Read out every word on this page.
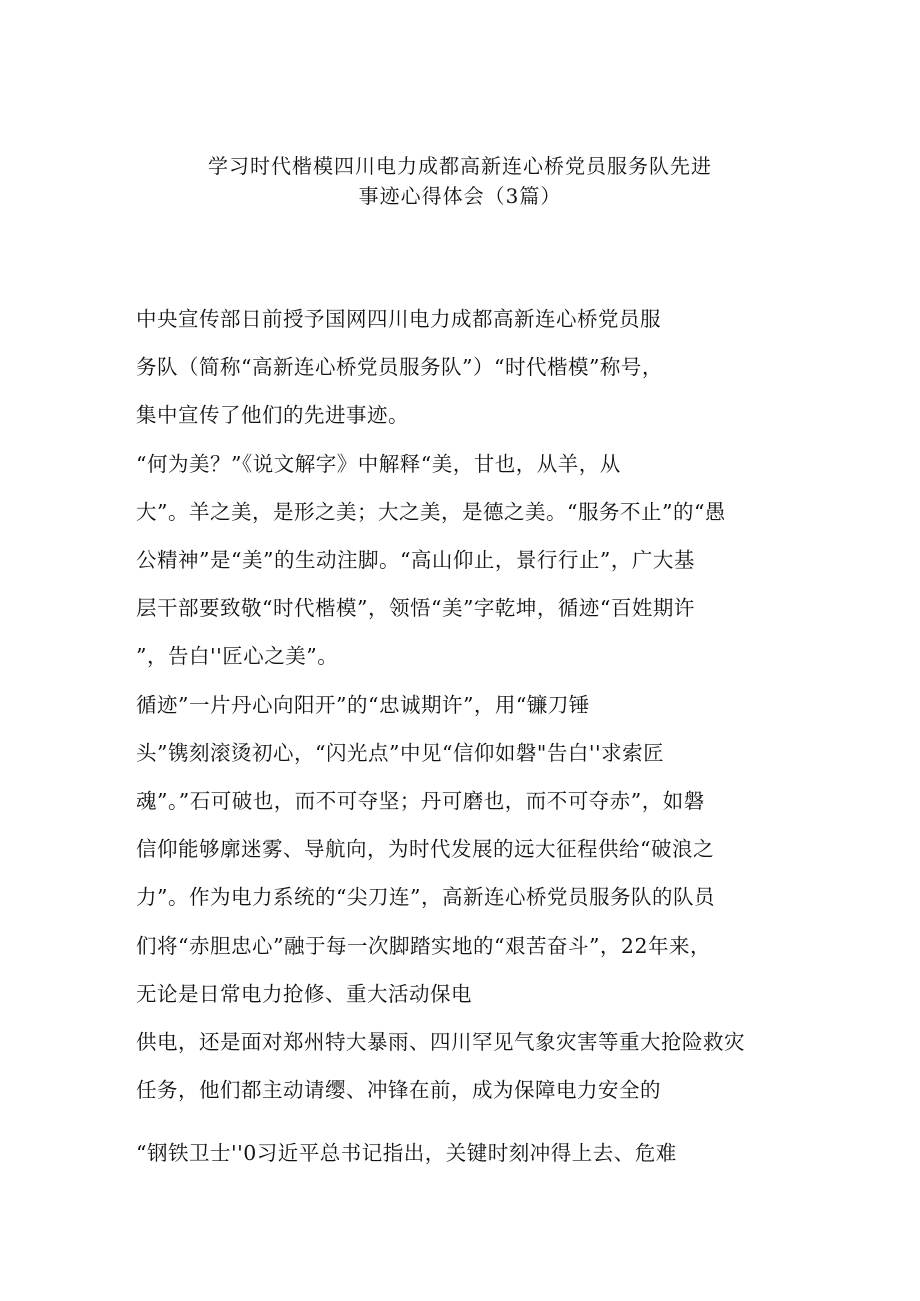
学习时代楷模四川电力成都高新连心桥党员服务队先进
事迹心得体会（3篇）
中央宣传部日前授予国网四川电力成都高新连心桥党员服
务队（简称“高新连心桥党员服务队”）“时代楷模”称号，
集中宣传了他们的先进事迹。
“何为美？”《说文解字》中解释“美，甘也，从羊，从
大”。羊之美，是形之美；大之美，是德之美。“服务不止”的“愚
公精神”是“美”的生动注脚。“高山仰止，景行行止”，广大基
层干部要致敬“时代楷模”，领悟“美”字乾坤，循迹“百姓期许
”，告白''匠心之美”。
循迹”一片丹心向阳开”的“忠诚期许”，用“镰刀锤
头”镌刻滚烫初心，“闪光点”中见“信仰如磐"告白''求索匠
魂”。”石可破也，而不可夺坚；丹可磨也，而不可夺赤”，如磐
信仰能够廓迷雾、导航向，为时代发展的远大征程供给“破浪之
力”。作为电力系统的“尖刀连”，高新连心桥党员服务队的队员
们将“赤胆忠心”融于每一次脚踏实地的“艰苦奋斗”，22年来，
无论是日常电力抢修、重大活动保电
供电，还是面对郑州特大暴雨、四川罕见气象灾害等重大抢险救灾
任务，他们都主动请缨、冲锋在前，成为保障电力安全的
“钢铁卫士''0习近平总书记指出，关键时刻冲得上去、危难
